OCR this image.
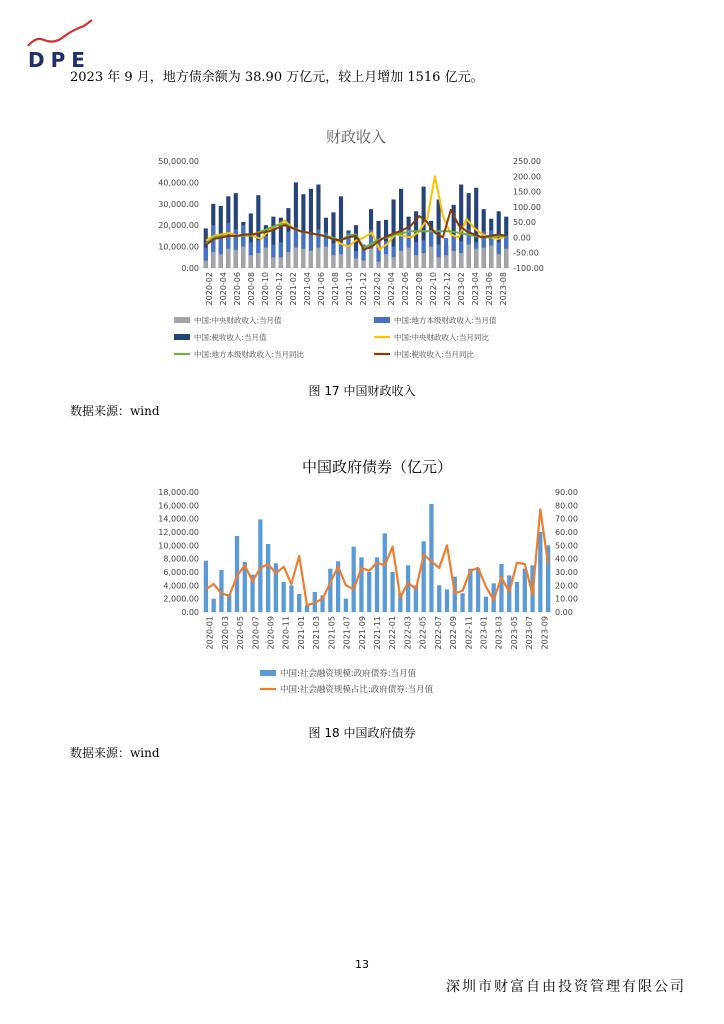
DPE
2023 年 9 月，地方债余额为 38.90 万亿元，较上月增加 1516 亿元。
财政收入
50,000.00
40,000.00
30,000.00
20,000.00
10,000.00
0.00
250.00
200.00
150.00
100.00
50.00
0.00
-50.00
-100.00
2020-02 2020-04 2020-06 2020-08 2020-10 2020-12 2021-02 2021-04 2021-06 2021-08 2021-10 2021-12 2022-02 2022-04 2022-06 2022-08 2022-10 2022-12 2023-02 2023-04 2023-06 2023-08
中国:中央财政收入:当月值	中国:地方本级财政收入:当月值
中国:税收收入:当月值	中国:中央财政收入:当月同比
中国:地方本级财政收入:当月同比	中国:税收收入:当月同比
图 17 中国财政收入
数据来源：wind
中国政府债券（亿元）
18,000.00
16,000.00
14,000.00
12,000.00
10,000.00
8,000.00
6,000.00
4,000.00
2,000.00
0.00
90.00
80.00
70.00
60.00
50.00
40.00
30.00
20.00
10.00
0.00
2020-01 2020-03 2020-05 2020-07 2020-09 2020-11 2021-01 2021-03 2021-05 2021-07 2021-09 2021-11 2022-01 2022-03 2022-05 2022-07 2022-09 2022-11 2023-01 2023-03 2023-05 2023-07 2023-09
中国:社会融资规模:政府债券:当月值
中国:社会融资规模占比:政府债券:当月值
图 18 中国政府债券
数据来源：wind
13
深圳市财富自由投资管理有限公司
